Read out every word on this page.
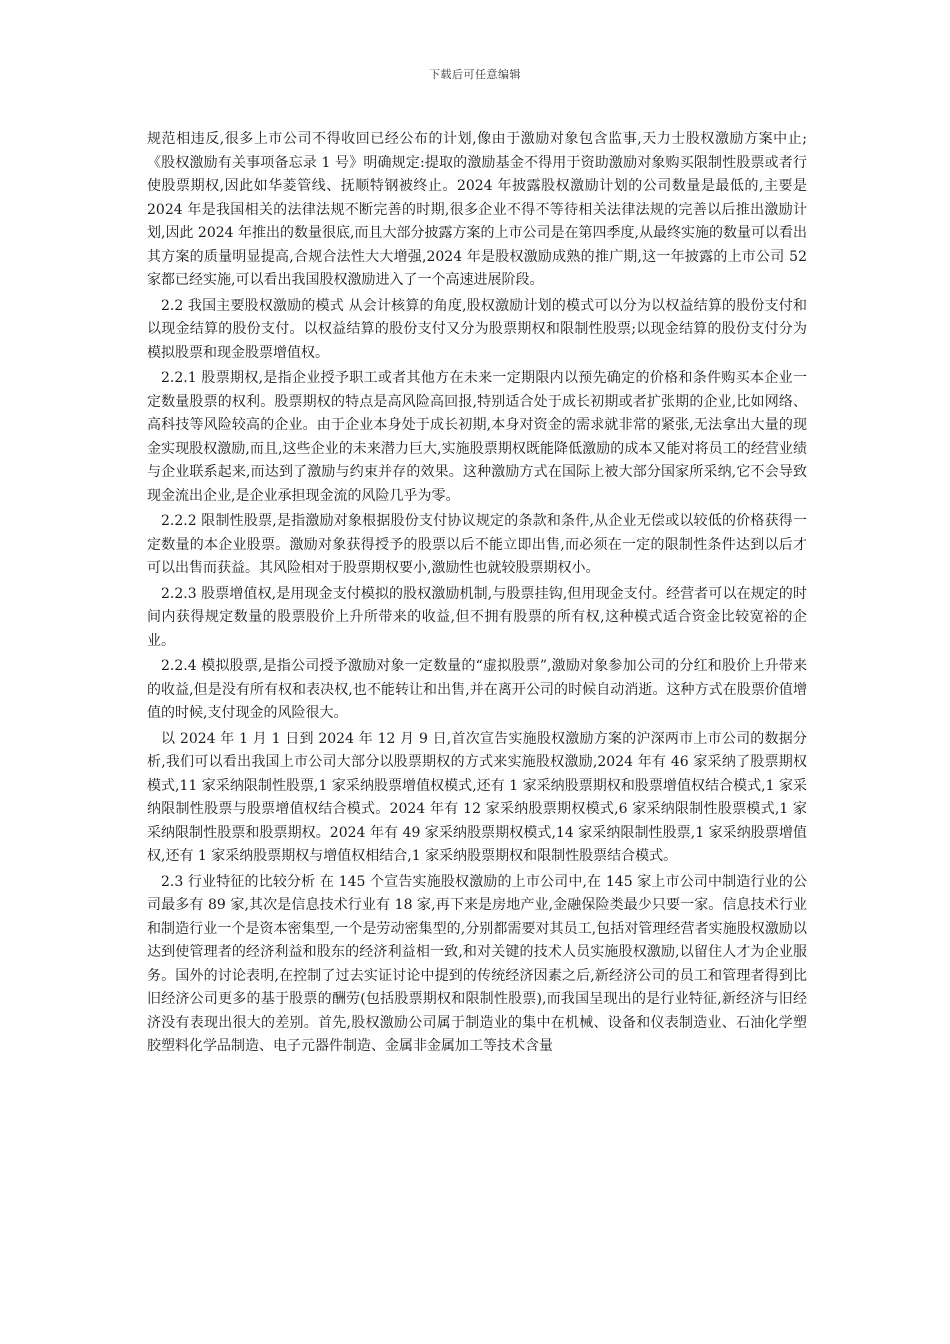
下载后可任意编辑

规范相违反,很多上市公司不得收回已经公布的计划,像由于激励对象包含监事,天力士股权激励方案中止;《股权激励有关事项备忘录 1 号》明确规定:提取的激励基金不得用于资助激励对象购买限制性股票或者行使股票期权,因此如华菱管线、抚顺特钢被终止。2024 年披露股权激励计划的公司数量是最低的,主要是 2024 年是我国相关的法律法规不断完善的时期,很多企业不得不等待相关法律法规的完善以后推出激励计划,因此 2024 年推出的数量很底,而且大部分披露方案的上市公司是在第四季度,从最终实施的数量可以看出其方案的质量明显提高,合规合法性大大增强,2024 年是股权激励成熟的推广期,这一年披露的上市公司 52 家都已经实施,可以看出我国股权激励进入了一个高速进展阶段。

2.2 我国主要股权激励的模式 从会计核算的角度,股权激励计划的模式可以分为以权益结算的股份支付和以现金结算的股份支付。以权益结算的股份支付又分为股票期权和限制性股票;以现金结算的股份支付分为模拟股票和现金股票增值权。

2.2.1 股票期权,是指企业授予职工或者其他方在未来一定期限内以预先确定的价格和条件购买本企业一定数量股票的权利。股票期权的特点是高风险高回报,特别适合处于成长初期或者扩张期的企业,比如网络、高科技等风险较高的企业。由于企业本身处于成长初期,本身对资金的需求就非常的紧张,无法拿出大量的现金实现股权激励,而且,这些企业的未来潜力巨大,实施股票期权既能降低激励的成本又能对将员工的经营业绩与企业联系起来,而达到了激励与约束并存的效果。这种激励方式在国际上被大部分国家所采纳,它不会导致现金流出企业,是企业承担现金流的风险几乎为零。

2.2.2 限制性股票,是指激励对象根据股份支付协议规定的条款和条件,从企业无偿或以较低的价格获得一定数量的本企业股票。激励对象获得授予的股票以后不能立即出售,而必须在一定的限制性条件达到以后才可以出售而获益。其风险相对于股票期权要小,激励性也就较股票期权小。

2.2.3 股票增值权,是用现金支付模拟的股权激励机制,与股票挂钩,但用现金支付。经营者可以在规定的时间内获得规定数量的股票股价上升所带来的收益,但不拥有股票的所有权,这种模式适合资金比较宽裕的企业。

2.2.4 模拟股票,是指公司授予激励对象一定数量的“虚拟股票”,激励对象参加公司的分红和股价上升带来的收益,但是没有所有权和表决权,也不能转让和出售,并在离开公司的时候自动消逝。这种方式在股票价值增值的时候,支付现金的风险很大。

以 2024 年 1 月 1 日到 2024 年 12 月 9 日,首次宣告实施股权激励方案的沪深两市上市公司的数据分析,我们可以看出我国上市公司大部分以股票期权的方式来实施股权激励,2024 年有 46 家采纳了股票期权模式,11 家采纳限制性股票,1 家采纳股票增值权模式,还有 1 家采纳股票期权和股票增值权结合模式,1 家采纳限制性股票与股票增值权结合模式。2024 年有 12 家采纳股票期权模式,6 家采纳限制性股票模式,1 家采纳限制性股票和股票期权。2024 年有 49 家采纳股票期权模式,14 家采纳限制性股票,1 家采纳股票增值权,还有 1 家采纳股票期权与增值权相结合,1 家采纳股票期权和限制性股票结合模式。

2.3 行业特征的比较分析 在 145 个宣告实施股权激励的上市公司中,在 145 家上市公司中制造行业的公司最多有 89 家,其次是信息技术行业有 18 家,再下来是房地产业,金融保险类最少只要一家。信息技术行业和制造行业一个是资本密集型,一个是劳动密集型的,分别都需要对其员工,包括对管理经营者实施股权激励以达到使管理者的经济利益和股东的经济利益相一致,和对关键的技术人员实施股权激励,以留住人才为企业服务。国外的讨论表明,在控制了过去实证讨论中提到的传统经济因素之后,新经济公司的员工和管理者得到比旧经济公司更多的基于股票的酬劳(包括股票期权和限制性股票),而我国呈现出的是行业特征,新经济与旧经济没有表现出很大的差别。首先,股权激励公司属于制造业的集中在机械、设备和仪表制造业、石油化学塑胶塑料化学品制造、电子元器件制造、金属非金属加工等技术含量
